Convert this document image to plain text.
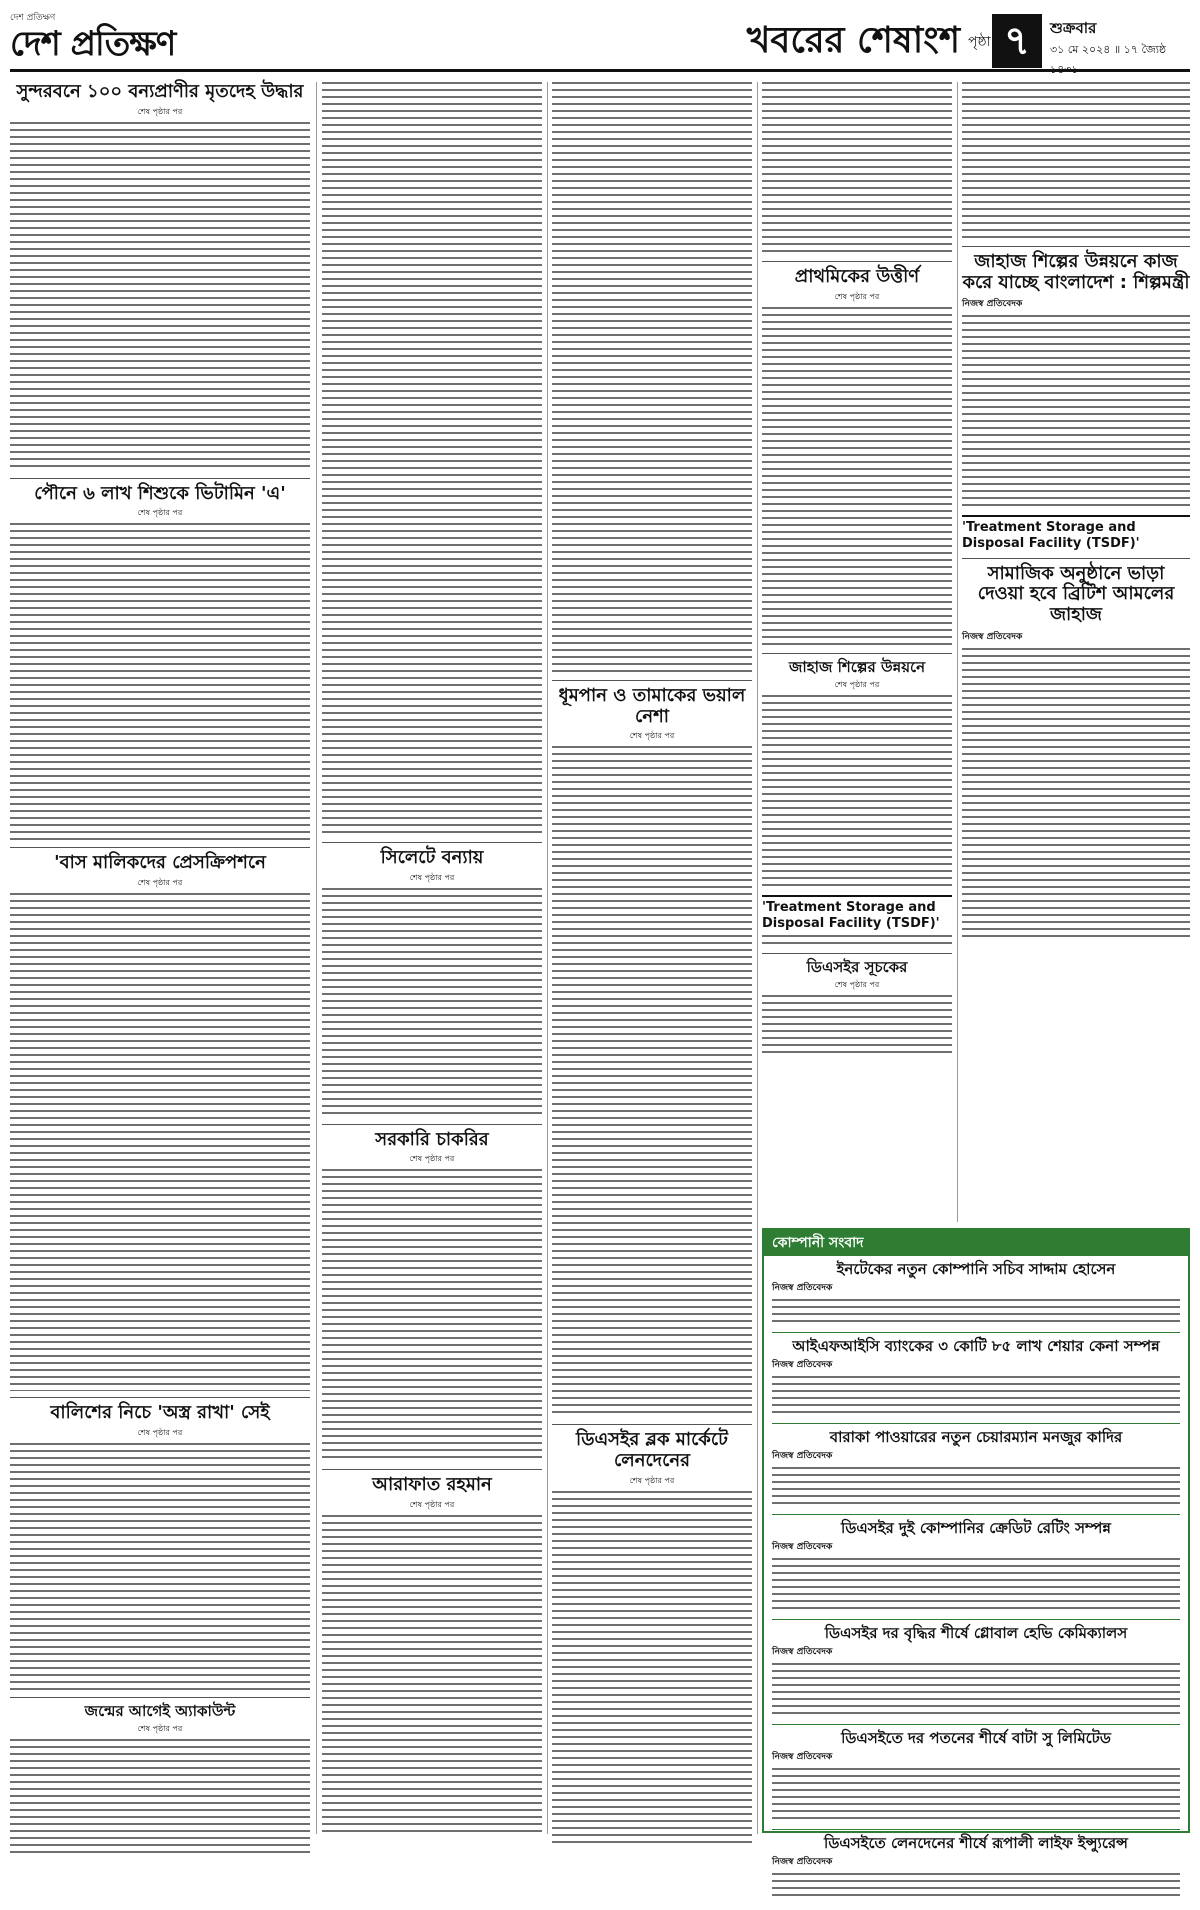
দেশ প্রতিক্ষণ
দেশ প্রতিক্ষণ	খবরের শেষাংশ পৃষ্ঠা ৭	শুক্রবার
৩১ মে ২০২৪ ॥ ১৭ জ্যৈষ্ঠ ১৪৩১
সুন্দরবনে ১০০ বন্যপ্রাণীর মৃতদেহ উদ্ধার
শেষ পৃষ্ঠার পর
পৌনে ৬ লাখ শিশুকে ভিটামিন 'এ'
শেষ পৃষ্ঠার পর
'বাস মালিকদের প্রেসক্রিপশনে
শেষ পৃষ্ঠার পর
বালিশের নিচে 'অস্ত্র রাখা' সেই
শেষ পৃষ্ঠার পর
জন্মের আগেই অ্যাকাউন্ট
শেষ পৃষ্ঠার পর
সিলেটে বন্যায়
শেষ পৃষ্ঠার পর
সরকারি চাকরির
শেষ পৃষ্ঠার পর
আরাফাত রহমান
শেষ পৃষ্ঠার পর
ধূমপান ও তামাকের ভয়াল নেশা
শেষ পৃষ্ঠার পর
ডিএসইর ব্লক মার্কেটে লেনদেনের
শেষ পৃষ্ঠার পর
প্রাথমিকের উত্তীর্ণ
শেষ পৃষ্ঠার পর
জাহাজ শিল্পের উন্নয়নে
শেষ পৃষ্ঠার পর
'Treatment Storage and Disposal Facility (TSDF)'
ডিএসইর সূচকের
শেষ পৃষ্ঠার পর
জাহাজ শিল্পের উন্নয়নে কাজ করে যাচ্ছে বাংলাদেশ : শিল্পমন্ত্রী
নিজস্ব প্রতিবেদক
'Treatment Storage and Disposal Facility (TSDF)'
সামাজিক অনুষ্ঠানে ভাড়া দেওয়া হবে ব্রিটিশ আমলের জাহাজ
নিজস্ব প্রতিবেদক
কোম্পানী সংবাদ
ইনটেকের নতুন কোম্পানি সচিব সাদ্দাম হোসেন
নিজস্ব প্রতিবেদক
আইএফআইসি ব্যাংকের ৩ কোটি ৮৫ লাখ শেয়ার কেনা সম্পন্ন
নিজস্ব প্রতিবেদক
বারাকা পাওয়ারের নতুন চেয়ারম্যান মনজুর কাদির
নিজস্ব প্রতিবেদক
ডিএসইর দুই কোম্পানির ক্রেডিট রেটিং সম্পন্ন
নিজস্ব প্রতিবেদক
ডিএসইর দর বৃদ্ধির শীর্ষে গ্লোবাল হেভি কেমিক্যালস
নিজস্ব প্রতিবেদক
ডিএসইতে দর পতনের শীর্ষে বাটা সু লিমিটেড
নিজস্ব প্রতিবেদক
ডিএসইতে লেনদেনের শীর্ষে রূপালী লাইফ ইন্স্যুরেন্স
নিজস্ব প্রতিবেদক
